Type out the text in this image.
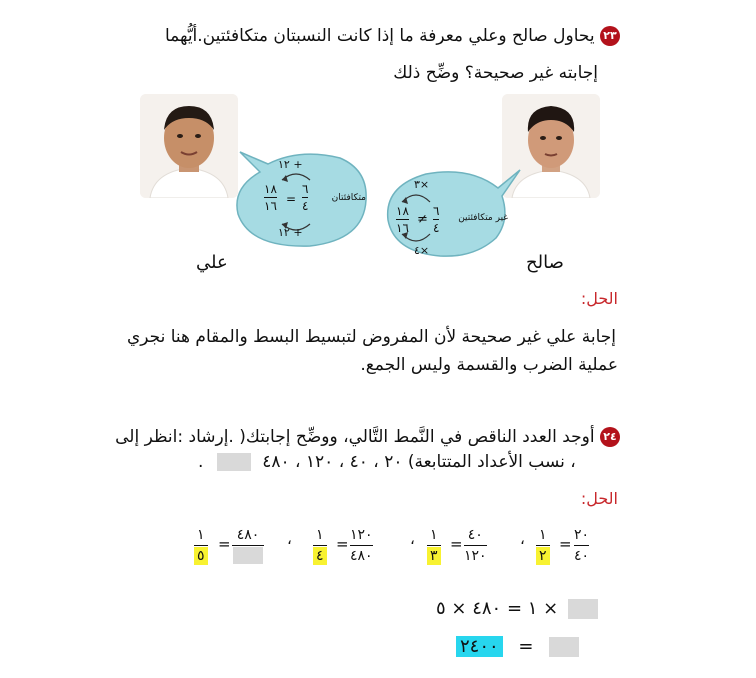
٢٣ يحاول صالح وعلي معرفة ما إذا كانت النسبتان متكافئتين.أيُّهما
إجابته غير صحيحة؟ وضِّح ذلك
١٢ +
١٢ +
١٨
١٦ =
٦
٤
متكافئتان
علي
٣×
٤×
١٨
١٦
≠
٦
٤
غير متكافئتين
صالح
الحل:
إجابة علي غير صحيحة لأن المفروض لتبسيط البسط والمقام هنا نجري
عملية الضرب والقسمة وليس الجمع.
٢٤ أوجد العدد الناقص في النَّمط التَّالي، ووضِّح إجابتك( .إرشاد :انظر إلى
.	نسب الأعداد المتتابعة) ٢٠ ، ٤٠ ، ١٢٠ ، ٤٨٠ ،
الحل:
٢٠
٤٠
=
١
٢
،
٤٠
١٢٠
=
١
٣
،
١٢٠
٤٨٠
=
١
٤
،
٤٨٠
=
١
٥
× ١ = ٤٨٠ × ٥
٢٤٠٠ =
